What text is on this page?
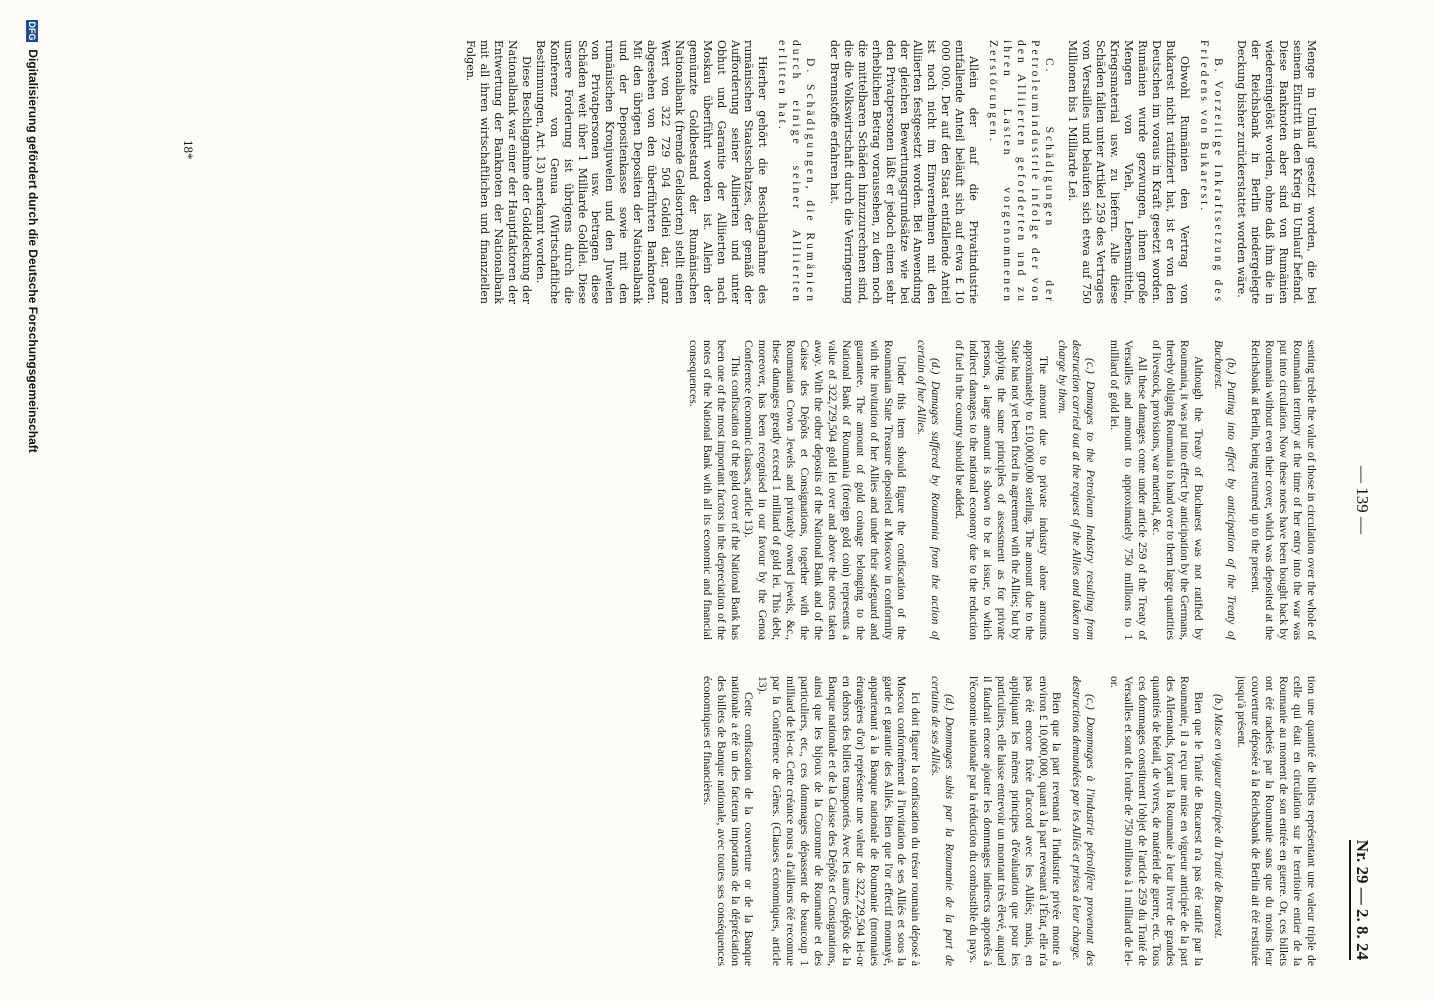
— 139 —
Nr. 29 — 2. 8. 24

Menge in Umlauf gesetzt worden, die bei seinem Eintritt in den Krieg in Umlauf befand. Diese Banknoten aber sind von Rumänien wiedereingelöst worden, ohne daß ihm die in der Reichsbank in Berlin niedergelegte Deckung bisher zurückerstattet worden wäre.

B. Vorzeitige Inkraftsetzung des Friedens von Bukarest.

Obwohl Rumänien den Vertrag von Bukarest nicht ratifiziert hat, ist er von den Deutschen im voraus in Kraft gesetzt worden. Rumänien wurde gezwungen, ihnen große Mengen von Vieh, Lebensmitteln, Kriegsmaterial usw. zu liefern. Alle diese Schäden fallen unter Artikel 259 des Vertrages von Versailles und belaufen sich etwa auf 750 Millionen bis 1 Milliarde Lei.

C. Schädigungen der Petroleumindustrie infolge der von den Alliierten geforderten und zu ihren Lasten vorgenommenen Zerstörungen.

Allein der auf die Privatindustrie entfallende Anteil beläuft sich auf etwa £ 10 000 000. Der auf den Staat entfallende Anteil ist noch nicht im Einvernehmen mit den Alliierten festgesetzt worden. Bei Anwendung der gleichen Bewertungsgrundsätze wie bei den Privatpersonen läßt er jedoch einen sehr erheblichen Betrag voraussehen, zu dem noch die mittelbaren Schäden hinzuzurechnen sind, die die Volkswirtschaft durch die Verringerung der Brennstoffe erfahren hat.

D. Schädigungen, die Rumänien durch einige seiner Alliierten erlitten hat.

Hierher gehört die Beschlagnahme des rumänischen Staatsschatzes, der gemäß der Aufforderung seiner Alliierten und unter Obhut und Garantie der Alliierten nach Moskau überführt worden ist. Allein der gemünzte Goldbestand der Rumänischen Nationalbank (fremde Geldsorten) stellt einen Wert von 322 729 504 Goldlei dar, ganz abgesehen von den überführten Banknoten. Mit den übrigen Depositen der Nationalbank und der Depositenkasse sowie mit den rumänischen Kronjuwelen und den Juwelen von Privatpersonen usw. betragen diese Schäden weit über 1 Milliarde Goldlei. Diese unsere Forderung ist übrigens durch die Konferenz von Genua (Wirtschaftliche Bestimmungen, Art. 13) anerkannt worden.

Diese Beschlagnahme der Golddeckung der Nationalbank war einer der Hauptfaktoren der Entwertung der Banknoten der Nationalbank mit all ihren wirtschaftlichen und finanziellen Folgen.

senting treble the value of those in circulation over the whole of Roumanian territory at the time of her entry into the war was put into circulation. Now these notes have been bought back by Roumania without even their cover, which was deposited at the Reichsbank at Berlin, being returned up to the present.

(b.) Putting into effect by anticipation of the Treaty of Bucharest.

Although the Treaty of Bucharest was not ratified by Roumania, it was put into effect by anticipation by the Germans, thereby obliging Roumania to hand over to them large quantities of livestock, provisions, war material, &c.

All these damages come under article 259 of the Treaty of Versailles and amount to approximately 750 millions to 1 milliard of gold lei.

(c.) Damages to the Petroleum Industry resulting from destruction carried out at the request of the Allies and taken on charge by them.

The amount due to private industry alone amounts approximately to £10,000,000 sterling. The amount due to the State has not yet been fixed in agreement with the Allies; but by applying the same principles of assessment as for private persons, a large amount is shown to be at issue, to which indirect damages to the national economy due to the reduction of fuel in the country should be added.

(d.) Damages suffered by Roumania from the action of certain of her Allies.

Under this item should figure the confiscation of the Roumanian State Treasure deposited at Moscow in conformity with the invitation of her Allies and under their safeguard and guarantee. The amount of gold coinage belonging to the National Bank of Roumania (foreign gold coin) represents a value of 322,729,504 gold lei over and above the notes taken away. With the other deposits of the National Bank and of the Caisse des Dépôts et Consignations, together with the Roumanian Crown Jewels and privately owned jewels, &c., these damages greatly exceed 1 milliard of gold lei. This debt, moreover, has been recognised in our favour by the Genoa Conference (economic clauses, article 13).

This confiscation of the gold cover of the National Bank has been one of the most important factors in the depreciation of the notes of the National Bank with all its economic and financial consequences.

tion une quantité de billets représentant une valeur triple de celle qui était en circulation sur le territoire entier de la Roumanie au moment de son entrée en guerre. Or, ces billets ont été rachetés par la Roumanie sans que du moins leur couverture déposée à la Reichsbank de Berlin ait été restituée jusqu'à présent.

(b.) Mise en vigueur anticipée du Traité de Bucarest.

Bien que le Traité de Bucarest n'a pas été ratifié par la Roumanie, il a reçu une mise en vigueur anticipée de la part des Allemands, forçant la Roumanie à leur livrer de grandes quantités de bétail, de vivres, de matériel de guerre, etc. Tous ces dommages constituent l'objet de l'article 259 du Traité de Versailles et sont de l'ordre de 750 millions à 1 milliard de lei-or.

(c.) Dommages à l'industrie pétrolifère provenant des destructions demandées par les Alliés et prises à leur charge.

Bien que la part revenant à l'industrie privée monte à environ £ 10,000,000, quant à la part revenant à l'État, elle n'a pas été encore fixée d'accord avec les Alliés; mais, en appliquant les mêmes principes d'évaluation que pour les particuliers, elle laisse entrevoir un montant très élevé, auquel il faudrait encore ajouter les dommages indirects apportés à l'économie nationale par la réduction du combustible du pays.

(d.) Dommages subis par la Roumanie de la part de certains de ses Alliés.

Ici doit figurer la confiscation du trésor roumain déposé à Moscou conformément à l'invitation de ses Alliés et sous la garde et garantie des Alliés. Bien que l'or effectif monnayé, appartenant à la Banque nationale de Roumanie (monnaies étrangères d'or) représente une valeur de 322,729,504 lei-or en dehors des billets transportés. Avec les autres dépôts de la Banque nationale et de la Caisse des Dépôts et Consignations, ainsi que les bijoux de la Couronne de Roumanie et des particuliers, etc., ces dommages dépassent de beaucoup 1 milliard de lei-or. Cette créance nous a d'ailleurs été reconnue par la Conférence de Gênes. (Clauses économiques, article 13).

Cette confiscation de la couverture or de la Banque nationale a été un des facteurs importants de la dépréciation des billets de Banque nationale, avec toutes ses conséquences économiques et financières.

18*
DFG Digitalisierung gefördert durch die Deutsche Forschungsgemeinschaft
